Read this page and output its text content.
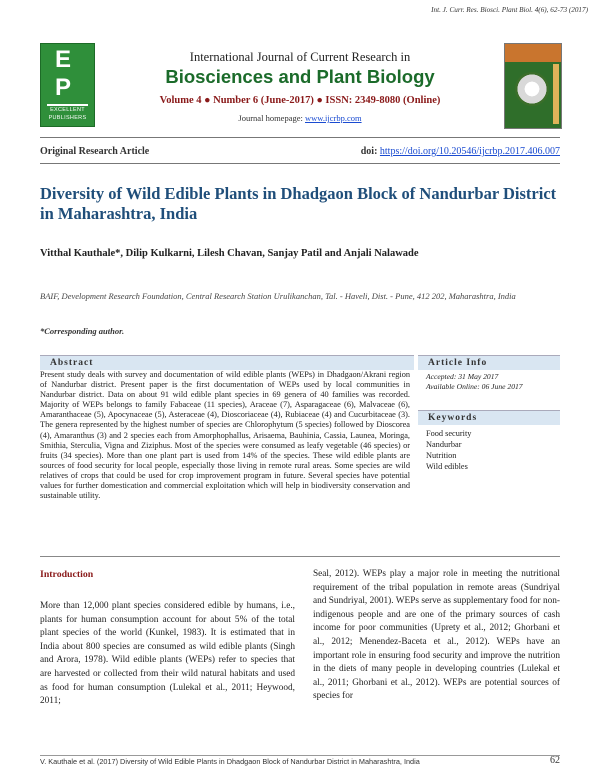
Int. J. Curr. Res. Biosci. Plant Biol. 4(6), 62-73 (2017)
E
P
EXCELLENT
PUBLISHERS
International Journal of Current Research in
Biosciences and Plant Biology
Volume 4 ● Number 6 (June-2017) ● ISSN: 2349-8080 (Online)
Journal homepage: www.ijcrbp.com
Original Research Article	doi: https://doi.org/10.20546/ijcrbp.2017.406.007
Diversity of Wild Edible Plants in Dhadgaon Block of Nandurbar District in Maharashtra, India
Vitthal Kauthale*, Dilip Kulkarni, Lilesh Chavan, Sanjay Patil and Anjali Nalawade
BAIF, Development Research Foundation, Central Research Station Urulikanchan, Tal. - Haveli, Dist. - Pune, 412 202, Maharashtra, India
*Corresponding author.
Abstract
Present study deals with survey and documentation of wild edible plants (WEPs) in Dhadgaon/Akrani region of Nandurbar district. Present paper is the first documentation of WEPs used by local communities in Nandurbar district. Data on about 91 wild edible plant species in 69 genera of 40 families was recorded. Majority of WEPs belongs to family Fabaceae (11 species), Araceae (7), Asparagaceae (6), Malvaceae (6), Amaranthaceae (5), Apocynaceae (5), Asteraceae (4), Dioscoriaceae (4), Rubiaceae (4) and Cucurbitaceae (3). The genera represented by the highest number of species are Chlorophytum (5 species) followed by Dioscorea (4), Amaranthus (3) and 2 species each from Amorphophallus, Arisaema, Bauhinia, Cassia, Launea, Moringa, Smithia, Sterculia, Vigna and Ziziphus. Most of the species were consumed as leafy vegetable (46 species) or fruits (34 species). More than one plant part is used from 14% of the species. These wild edible plants are sources of food security for local people, especially those living in remote rural areas. Some species are wild relatives of crops that could be used for crop improvement program in future. Several species have potential values for further domestication and commercial exploitation which will help in biodiversity conservation and sustainable utility.
Article Info
Accepted: 31 May 2017
Available Online: 06 June 2017
Keywords
Food security
Nandurbar
Nutrition
Wild edibles
Introduction
More than 12,000 plant species considered edible by humans, i.e., plants for human consumption account for about 5% of the total plant species of the world (Kunkel, 1983). It is estimated that in India about 800 species are consumed as wild edible plants (Singh and Arora, 1978). Wild edible plants (WEPs) refer to species that are harvested or collected from their wild natural habitats and used as food for human consumption (Lulekal et al., 2011; Heywood, 2011;
Seal, 2012). WEPs play a major role in meeting the nutritional requirement of the tribal population in remote areas (Sundriyal and Sundriyal, 2001). WEPs serve as supplementary food for non-indigenous people and are one of the primary sources of cash income for poor communities (Uprety et al., 2012; Ghorbani et al., 2012; Menendez-Baceta et al., 2012). WEPs have an important role in ensuring food security and improve the nutrition in the diets of many people in developing countries (Lulekal et al., 2011; Ghorbani et al., 2012). WEPs are potential sources of species for
V. Kauthale et al. (2017) Diversity of Wild Edible Plants in Dhadgaon Block of Nandurbar District in Maharashtra, India	62
